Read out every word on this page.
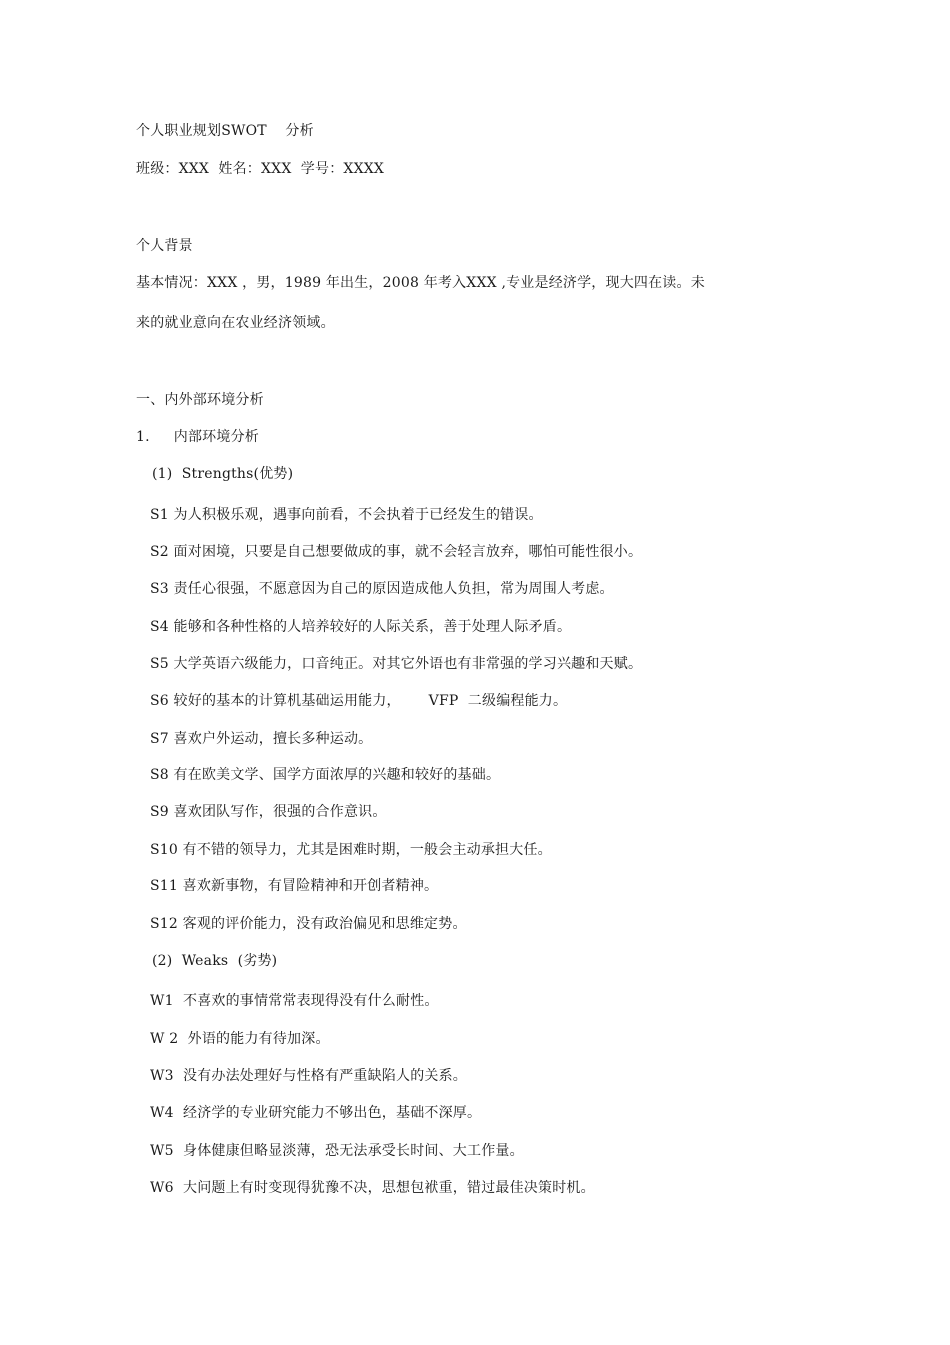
个人职业规划SWOT    分析
班级：XXX  姓名：XXX  学号：XXXX
个人背景
基本情况：XXX ，男，1989 年出生，2008 年考入XXX ,专业是经济学，现大四在读。未
来的就业意向在农业经济领域。
一、内外部环境分析
1. 内部环境分析
(1)  Strengths(优势)
S1 为人积极乐观，遇事向前看，不会执着于已经发生的错误。
S2 面对困境，只要是自己想要做成的事，就不会轻言放弃，哪怕可能性很小。
S3 责任心很强，不愿意因为自己的原因造成他人负担，常为周围人考虑。
S4 能够和各种性格的人培养较好的人际关系，善于处理人际矛盾。
S5 大学英语六级能力，口音纯正。对其它外语也有非常强的学习兴趣和天赋。
S6 较好的基本的计算机基础运用能力，      VFP  二级编程能力。
S7 喜欢户外运动，擅长多种运动。
S8 有在欧美文学、国学方面浓厚的兴趣和较好的基础。
S9 喜欢团队写作，很强的合作意识。
S10 有不错的领导力，尤其是困难时期，一般会主动承担大任。
S11 喜欢新事物，有冒险精神和开创者精神。
S12 客观的评价能力，没有政治偏见和思维定势。
(2)  Weaks  (劣势)
W1  不喜欢的事情常常表现得没有什么耐性。
W 2  外语的能力有待加深。
W3  没有办法处理好与性格有严重缺陷人的关系。
W4  经济学的专业研究能力不够出色，基础不深厚。
W5  身体健康但略显淡薄，恐无法承受长时间、大工作量。
W6  大问题上有时变现得犹豫不决，思想包袱重，错过最佳决策时机。
